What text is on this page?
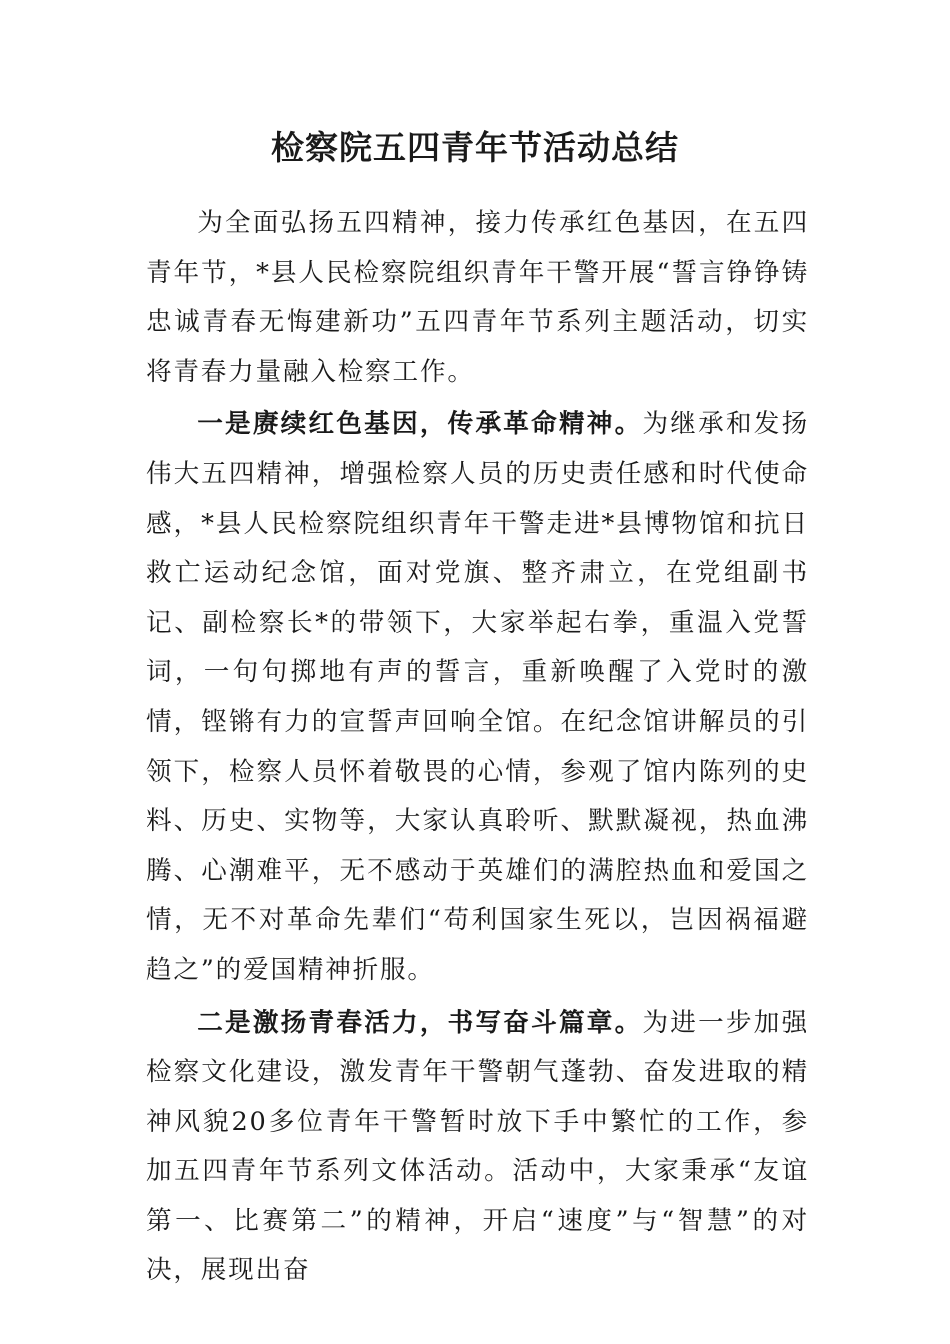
检察院五四青年节活动总结

为全面弘扬五四精神，接力传承红色基因，在五四青年节，*县人民检察院组织青年干警开展“誓言铮铮铸忠诚青春无悔建新功”五四青年节系列主题活动，切实将青春力量融入检察工作。

一是赓续红色基因，传承革命精神。为继承和发扬伟大五四精神，增强检察人员的历史责任感和时代使命感，*县人民检察院组织青年干警走进*县博物馆和抗日救亡运动纪念馆，面对党旗、整齐肃立，在党组副书记、副检察长*的带领下，大家举起右拳，重温入党誓词，一句句掷地有声的誓言，重新唤醒了入党时的激情，铿锵有力的宣誓声回响全馆。在纪念馆讲解员的引领下，检察人员怀着敬畏的心情，参观了馆内陈列的史料、历史、实物等，大家认真聆听、默默凝视，热血沸腾、心潮难平，无不感动于英雄们的满腔热血和爱国之情，无不对革命先辈们“苟利国家生死以，岂因祸福避趋之”的爱国精神折服。

二是激扬青春活力，书写奋斗篇章。为进一步加强检察文化建设，激发青年干警朝气蓬勃、奋发进取的精神风貌20多位青年干警暂时放下手中繁忙的工作，参加五四青年节系列文体活动。活动中，大家秉承“友谊第一、比赛第二”的精神，开启“速度”与“智慧”的对决，展现出奋
